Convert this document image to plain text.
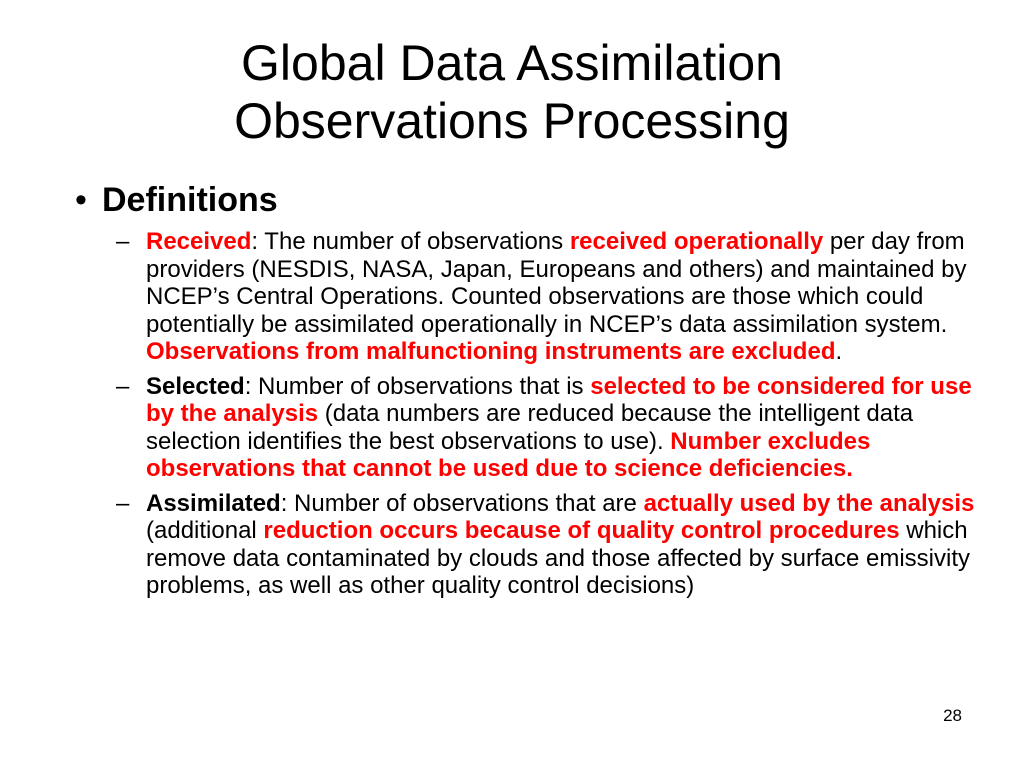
Global Data Assimilation
Observations Processing
• Definitions
– Received: The number of observations received operationally per day from providers (NESDIS, NASA, Japan, Europeans and others) and maintained by NCEP’s Central Operations. Counted observations are those which could potentially be assimilated operationally in NCEP’s data assimilation system. Observations from malfunctioning instruments are excluded.
– Selected: Number of observations that is selected to be considered for use by the analysis (data numbers are reduced because the intelligent data selection identifies the best observations to use). Number excludes observations that cannot be used due to science deficiencies.
– Assimilated: Number of observations that are actually used by the analysis (additional reduction occurs because of quality control procedures which remove data contaminated by clouds and those affected by surface emissivity problems, as well as other quality control decisions)
28
